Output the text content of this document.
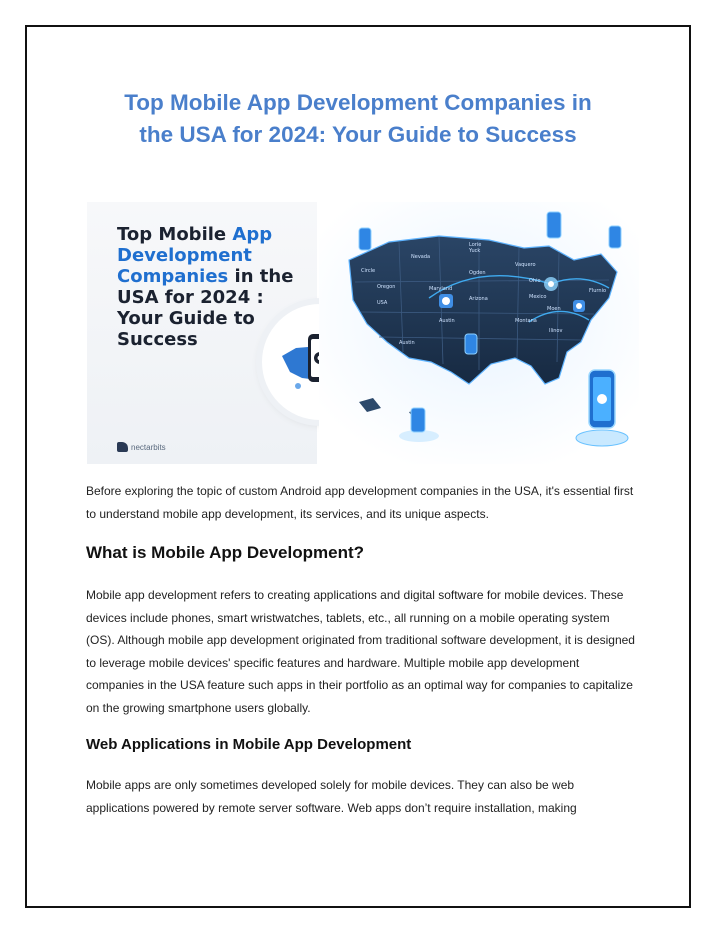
Top Mobile App Development Companies in
the USA for 2024: Your Guide to Success
Top Mobile App
Development
Companies in the
USA for 2024 :
Your Guide to
Success
nectarbits
Lorie
Yuck
Nevada
Ogden
Vaquero
Circle
Oregon
Ohio
USA
Maryland
Arizona	Mexico
Austin	Montana
Ilinov
Austin
Moen
Flurnio

Before exploring the topic of custom Android app development companies in the USA, it's essential first to understand mobile app development, its services, and its unique aspects.

What is Mobile App Development?

Mobile app development refers to creating applications and digital software for mobile devices. These devices include phones, smart wristwatches, tablets, etc., all running on a mobile operating system (OS). Although mobile app development originated from traditional software development, it is designed to leverage mobile devices' specific features and hardware. Multiple mobile app development companies in the USA feature such apps in their portfolio as an optimal way for companies to capitalize on the growing smartphone users globally.

Web Applications in Mobile App Development

Mobile apps are only sometimes developed solely for mobile devices. They can also be web applications powered by remote server software. Web apps don’t require installation, making
